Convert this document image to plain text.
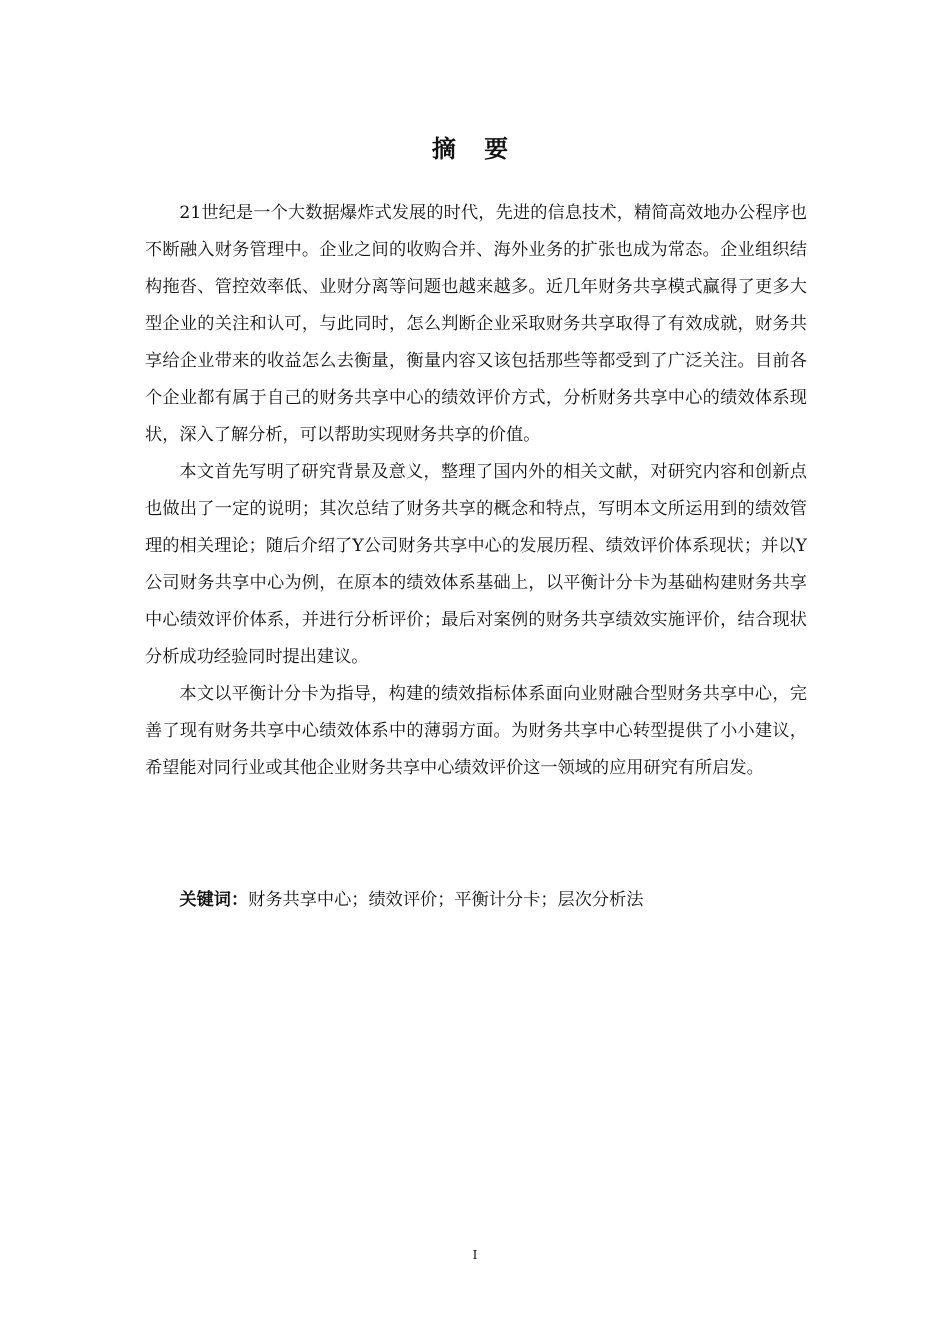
摘 要

21世纪是一个大数据爆炸式发展的时代，先进的信息技术，精简高效地办公程序也不断融入财务管理中。企业之间的收购合并、海外业务的扩张也成为常态。企业组织结构拖沓、管控效率低、业财分离等问题也越来越多。近几年财务共享模式赢得了更多大型企业的关注和认可，与此同时，怎么判断企业采取财务共享取得了有效成就，财务共享给企业带来的收益怎么去衡量，衡量内容又该包括那些等都受到了广泛关注。目前各个企业都有属于自己的财务共享中心的绩效评价方式，分析财务共享中心的绩效体系现状，深入了解分析，可以帮助实现财务共享的价值。

本文首先写明了研究背景及意义，整理了国内外的相关文献，对研究内容和创新点也做出了一定的说明；其次总结了财务共享的概念和特点，写明本文所运用到的绩效管理的相关理论；随后介绍了Y公司财务共享中心的发展历程、绩效评价体系现状；并以Y公司财务共享中心为例，在原本的绩效体系基础上，以平衡计分卡为基础构建财务共享中心绩效评价体系，并进行分析评价；最后对案例的财务共享绩效实施评价，结合现状分析成功经验同时提出建议。

本文以平衡计分卡为指导，构建的绩效指标体系面向业财融合型财务共享中心，完善了现有财务共享中心绩效体系中的薄弱方面。为财务共享中心转型提供了小小建议，希望能对同行业或其他企业财务共享中心绩效评价这一领域的应用研究有所启发。

关键词：财务共享中心；绩效评价；平衡计分卡；层次分析法

I
